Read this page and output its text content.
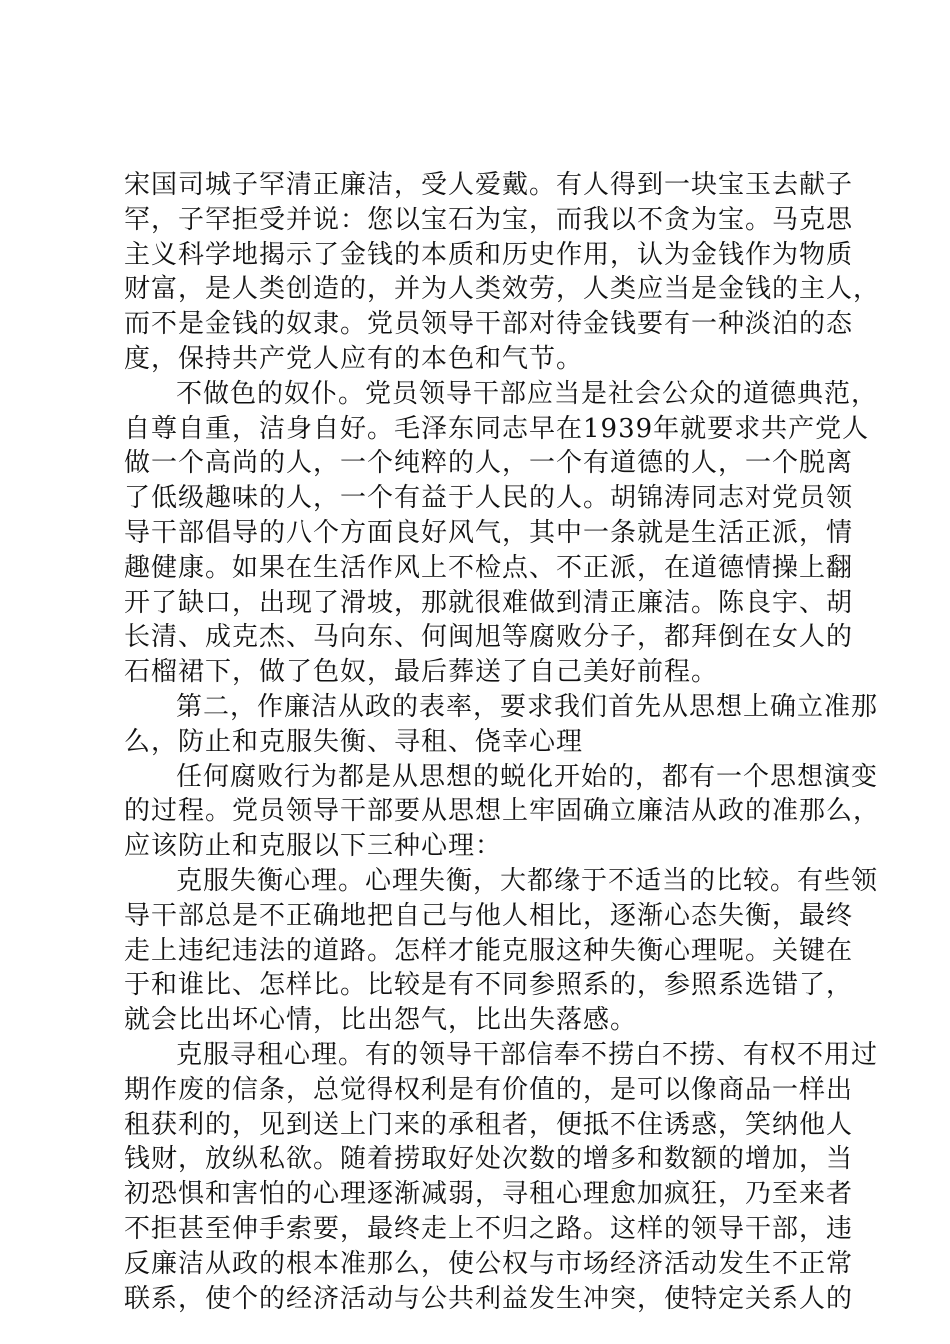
宋国司城子罕清正廉洁，受人爱戴。有人得到一块宝玉去献子
罕，子罕拒受并说：您以宝石为宝，而我以不贪为宝。马克思
主义科学地揭示了金钱的本质和历史作用，认为金钱作为物质
财富，是人类创造的，并为人类效劳，人类应当是金钱的主人，
而不是金钱的奴隶。党员领导干部对待金钱要有一种淡泊的态
度，保持共产党人应有的本色和气节。
不做色的奴仆。党员领导干部应当是社会公众的道德典范，
自尊自重，洁身自好。毛泽东同志早在1939年就要求共产党人
做一个高尚的人，一个纯粹的人，一个有道德的人，一个脱离
了低级趣味的人，一个有益于人民的人。胡锦涛同志对党员领
导干部倡导的八个方面良好风气，其中一条就是生活正派，情
趣健康。如果在生活作风上不检点、不正派，在道德情操上翻
开了缺口，出现了滑坡，那就很难做到清正廉洁。陈良宇、胡
长清、成克杰、马向东、何闽旭等腐败分子，都拜倒在女人的
石榴裙下，做了色奴，最后葬送了自己美好前程。
第二，作廉洁从政的表率，要求我们首先从思想上确立准那
么，防止和克服失衡、寻租、侥幸心理
任何腐败行为都是从思想的蜕化开始的，都有一个思想演变
的过程。党员领导干部要从思想上牢固确立廉洁从政的准那么，
应该防止和克服以下三种心理：
克服失衡心理。心理失衡，大都缘于不适当的比较。有些领
导干部总是不正确地把自己与他人相比，逐渐心态失衡，最终
走上违纪违法的道路。怎样才能克服这种失衡心理呢。关键在
于和谁比、怎样比。比较是有不同参照系的，参照系选错了，
就会比出坏心情，比出怨气，比出失落感。
克服寻租心理。有的领导干部信奉不捞白不捞、有权不用过
期作废的信条，总觉得权利是有价值的，是可以像商品一样出
租获利的，见到送上门来的承租者，便抵不住诱惑，笑纳他人
钱财，放纵私欲。随着捞取好处次数的增多和数额的增加，当
初恐惧和害怕的心理逐渐减弱，寻租心理愈加疯狂，乃至来者
不拒甚至伸手索要，最终走上不归之路。这样的领导干部，违
反廉洁从政的根本准那么，使公权与市场经济活动发生不正常
联系，使个的经济活动与公共利益发生冲突，使特定关系人的
